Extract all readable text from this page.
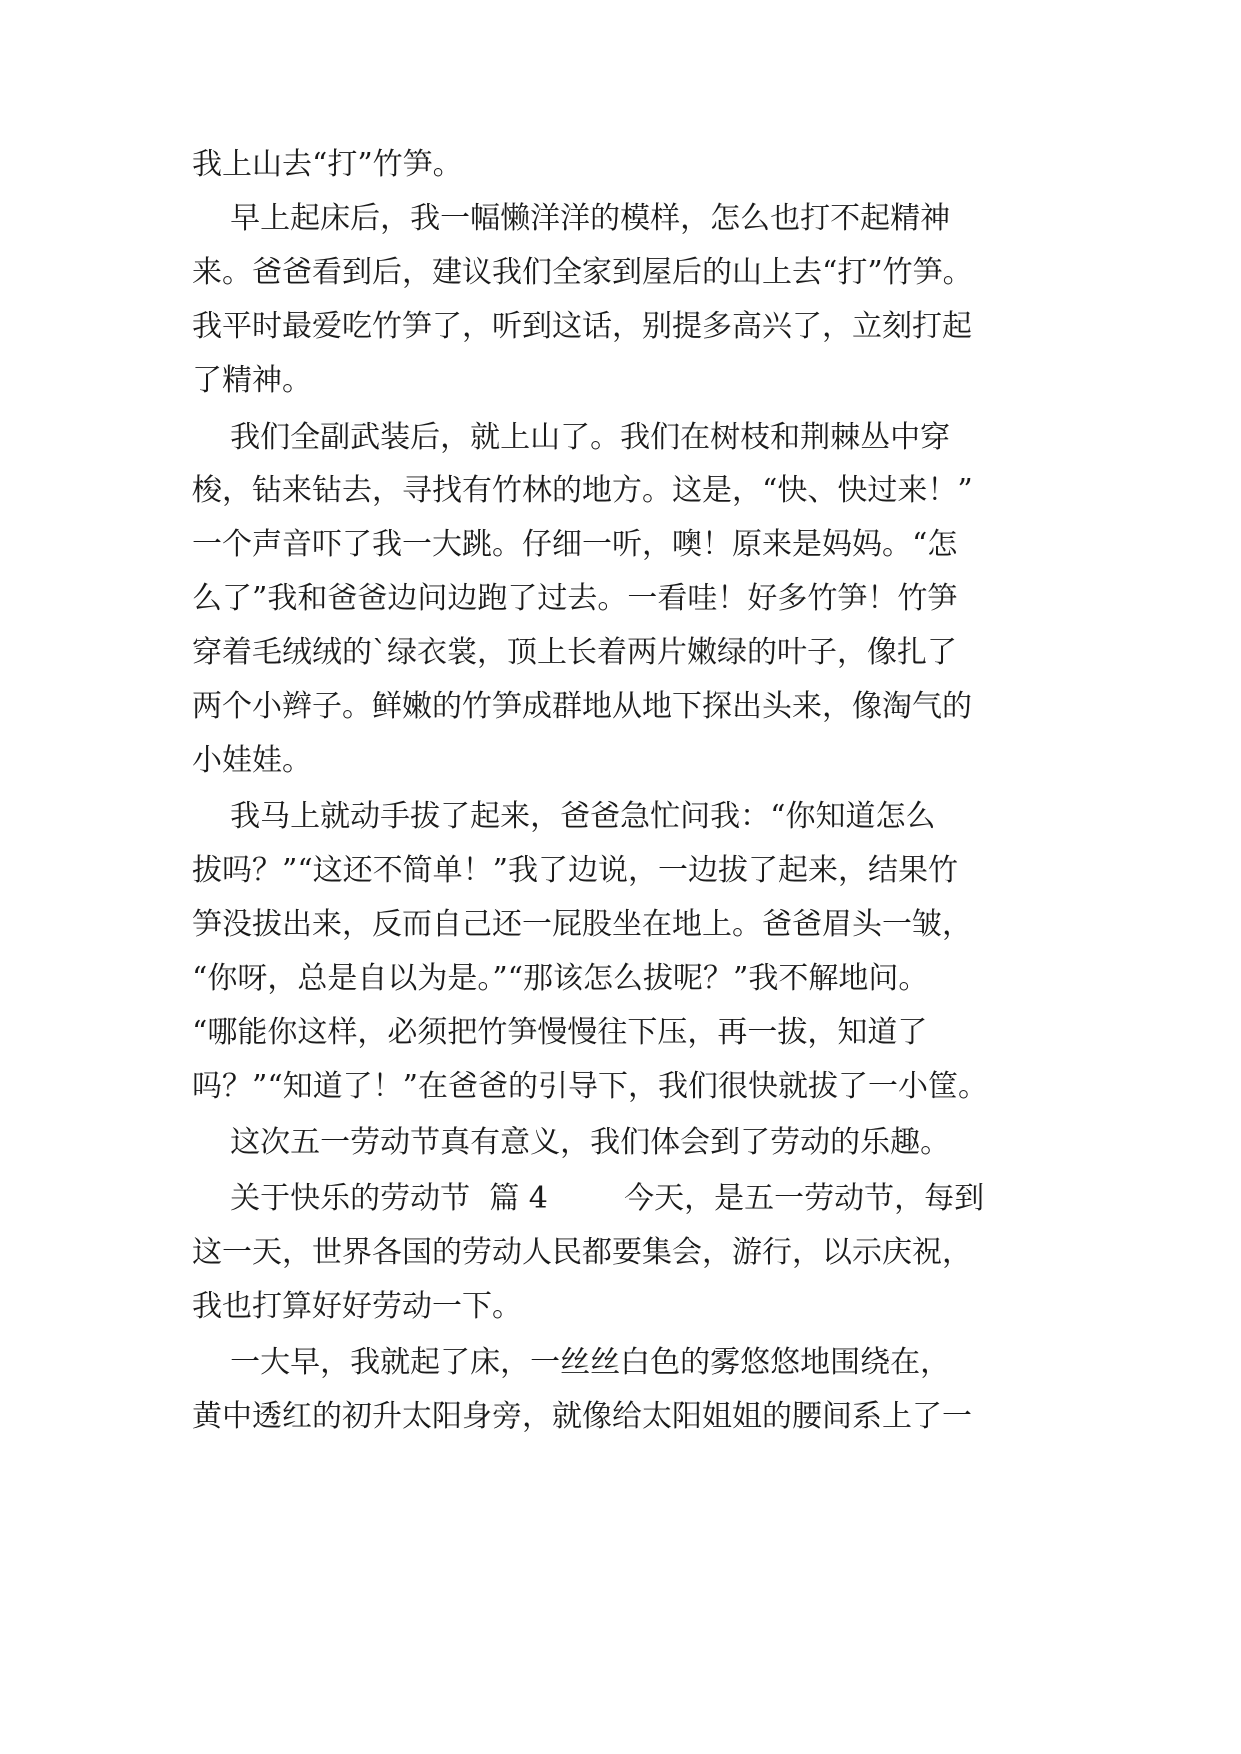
我上山去“打”竹笋。
早上起床后，我一幅懒洋洋的模样，怎么也打不起精神
来。爸爸看到后，建议我们全家到屋后的山上去“打”竹笋。
我平时最爱吃竹笋了，听到这话，别提多高兴了，立刻打起
了精神。
我们全副武装后，就上山了。我们在树枝和荆棘丛中穿
梭，钻来钻去，寻找有竹林的地方。这是，“快、快过来！”
一个声音吓了我一大跳。仔细一听，噢！原来是妈妈。“怎
么了”我和爸爸边问边跑了过去。一看哇！好多竹笋！竹笋
穿着毛绒绒的`绿衣裳，顶上长着两片嫩绿的叶子，像扎了
两个小辫子。鲜嫩的竹笋成群地从地下探出头来，像淘气的
小娃娃。
我马上就动手拔了起来，爸爸急忙问我：“你知道怎么
拔吗？”“这还不简单！”我了边说，一边拔了起来，结果竹
笋没拔出来，反而自己还一屁股坐在地上。爸爸眉头一皱，
“你呀，总是自以为是。”“那该怎么拔呢？”我不解地问。
“哪能你这样，必须把竹笋慢慢往下压，再一拔，知道了
吗？”“知道了！”在爸爸的引导下，我们很快就拔了一小筐。
这次五一劳动节真有意义，我们体会到了劳动的乐趣。
关于快乐的劳动节  篇 4        今天，是五一劳动节，每到
这一天，世界各国的劳动人民都要集会，游行，以示庆祝，
我也打算好好劳动一下。
一大早，我就起了床，一丝丝白色的雾悠悠地围绕在，
黄中透红的初升太阳身旁，就像给太阳姐姐的腰间系上了一
